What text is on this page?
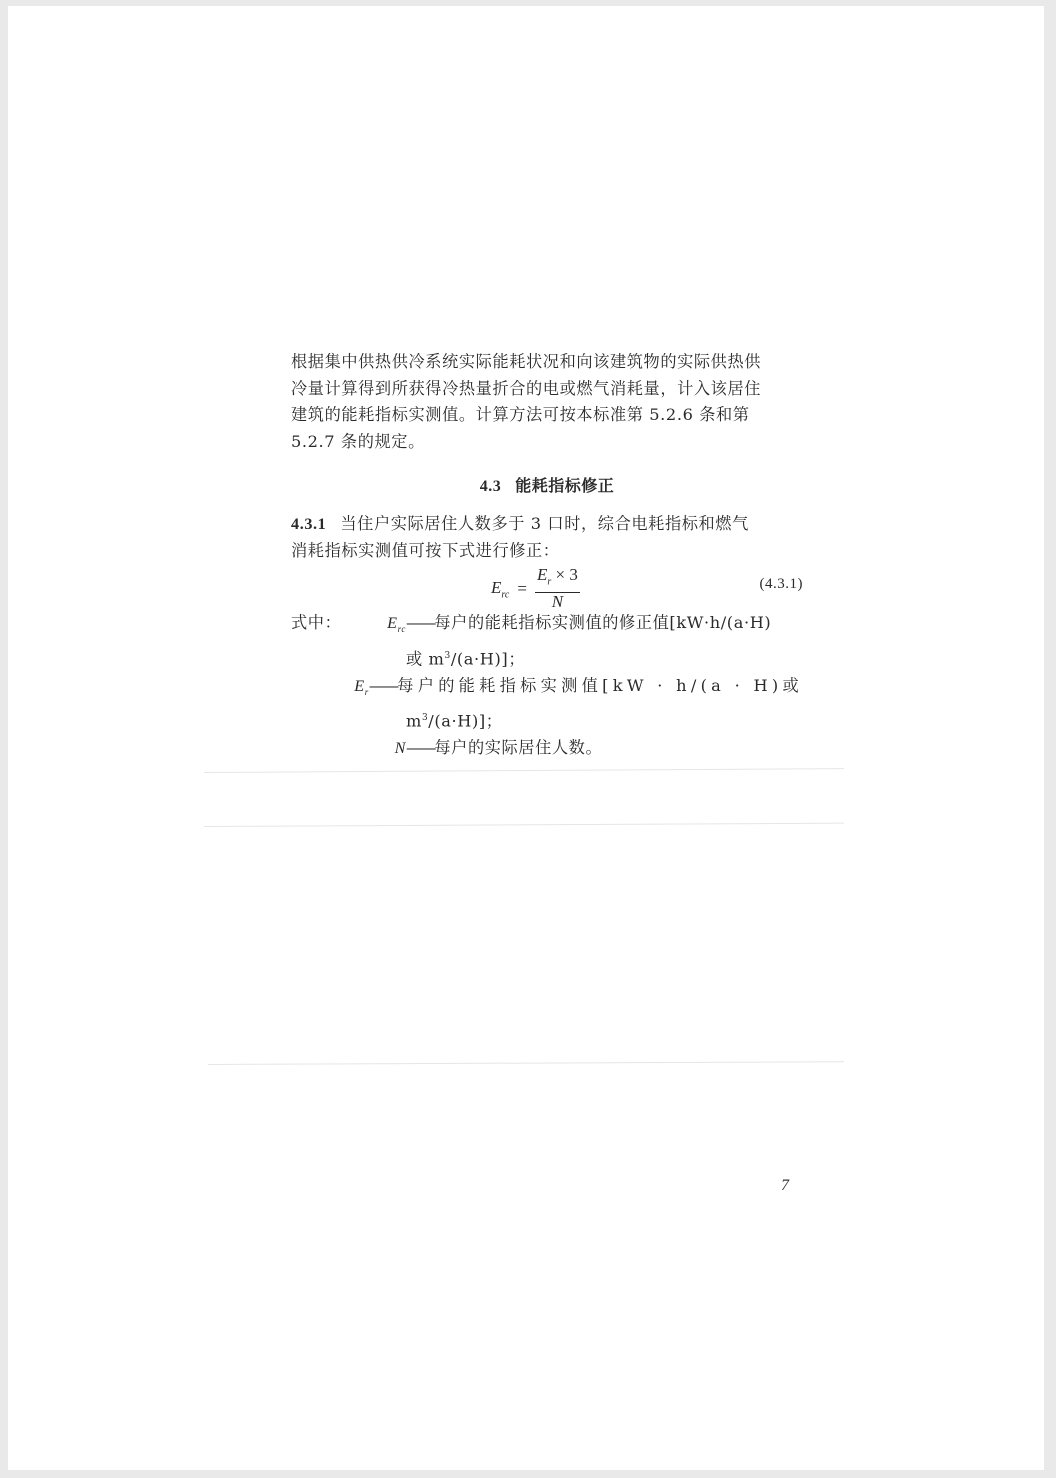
根据集中供热供冷系统实际能耗状况和向该建筑物的实际供热供
冷量计算得到所获得冷热量折合的电或燃气消耗量，计入该居住
建筑的能耗指标实测值。计算方法可按本标准第 5.2.6 条和第
5.2.7 条的规定。

4.3 能耗指标修正

4.3.1 当住户实际居住人数多于 3 口时，综合电耗指标和燃气
消耗指标实测值可按下式进行修正：

$E_{rc} = \frac{E_r \times 3}{N}$	(4.3.1)
式中：	$E_{rc}$ —— 每户的能耗指标实测值的修正值[kW·h/(a·H)
或 $m^3/(a\cdot H)$]；
$E_r$ —— 每户的能耗指标实测值[kW · h/(a · H)或
$m^3/(a\cdot H)$]；
N —— 每户的实际居住人数。
7
